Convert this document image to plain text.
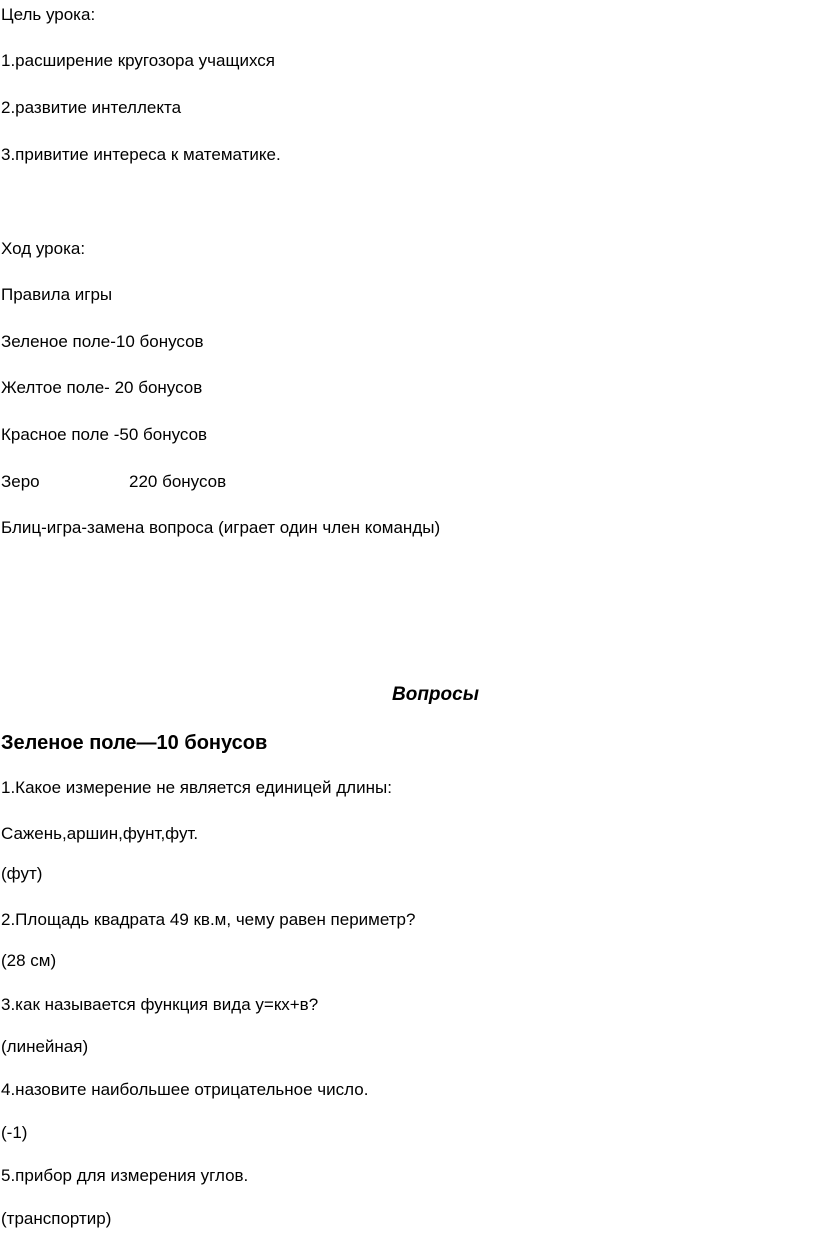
Цель урока:
1.расширение кругозора учащихся
2.развитие интеллекта
3.привитие интереса к математике.
Ход урока:
Правила игры
Зеленое поле-10 бонусов
Желтое поле- 20 бонусов
Красное поле -50 бонусов
Зеро	220 бонусов
Блиц-игра-замена вопроса (играет один член команды)
Вопросы
Зеленое поле—10 бонусов
1.Какое измерение не является единицей длины:
Сажень,аршин,фунт,фут.
(фут)
2.Площадь квадрата 49 кв.м, чему равен периметр?
(28 см)
3.как называется функция вида у=кх+в?
(линейная)
4.назовите наибольшее отрицательное число.
(-1)
5.прибор для измерения углов.
(транспортир)
